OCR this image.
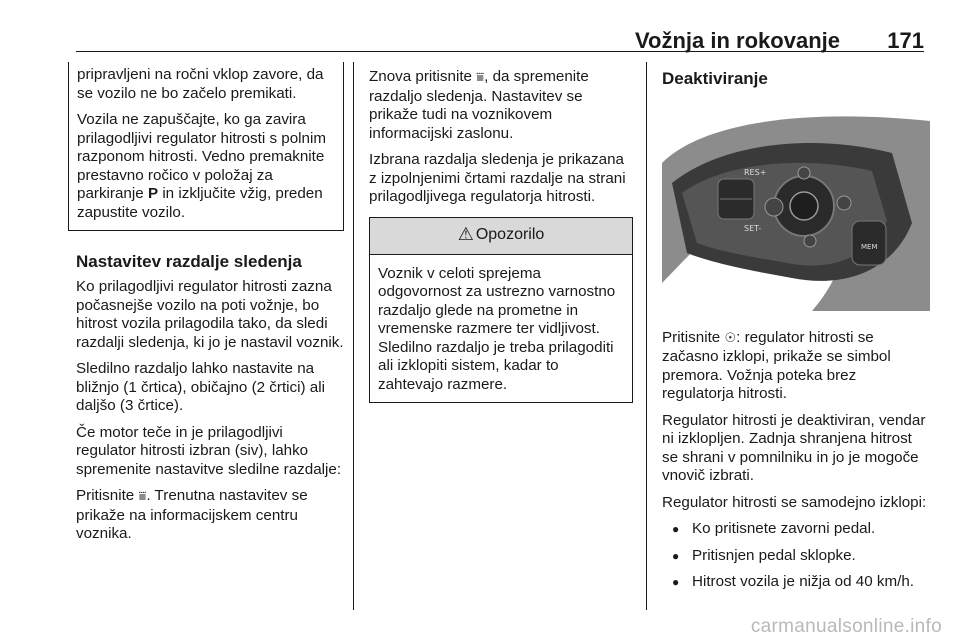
Vožnja in rokovanje 171

pripravljeni na ročni vklop zavore, da se vozilo ne bo začelo premikati.

Vozila ne zapuščajte, ko ga zavira prilagodljivi regulator hitrosti s polnim razponom hitrosti. Vedno premaknite prestavno ročico v položaj za parkiranje P in izključite vžig, preden zapustite vozilo.

Nastavitev razdalje sledenja

Ko prilagodljivi regulator hitrosti zazna počasnejše vozilo na poti vožnje, bo hitrost vozila prilagodila tako, da sledi razdalji sledenja, ki jo je nastavil voznik.

Sledilno razdaljo lahko nastavite na bližnjo (1 črtica), običajno (2 črtici) ali daljšo (3 črtice).

Če motor teče in je prilagodljivi regulator hitrosti izbran (siv), lahko spremenite nastavitve sledilne razdalje:

Pritisnite ⩸. Trenutna nastavitev se prikaže na informacijskem centru voznika.

Znova pritisnite ⩸, da spremenite razdaljo sledenja. Nastavitev se prikaže tudi na voznikovem informacijski zaslonu.

Izbrana razdalja sledenja je prikazana z izpolnjenimi črtami razdalje na strani prilagodljivega regulatorja hitrosti.

⚠ Opozorilo

Voznik v celoti sprejema odgovornost za ustrezno varnostno razdaljo glede na prometne in vremenske razmere ter vidljivost. Sledilno razdaljo je treba prilagoditi ali izklopiti sistem, kadar to zahtevajo razmere.

Deaktiviranje
RES+
SET-
MEM

Pritisnite ☉: regulator hitrosti se začasno izklopi, prikaže se simbol premora. Vožnja poteka brez regulatorja hitrosti.

Regulator hitrosti je deaktiviran, vendar ni izklopljen. Zadnja shranjena hitrost se shrani v pomnilniku in jo je mogoče vnovič izbrati.

Regulator hitrosti se samodejno izklopi:

● Ko pritisnete zavorni pedal.
● Pritisnjen pedal sklopke.
● Hitrost vozila je nižja od 40 km/h.
carmanualsonline.info
